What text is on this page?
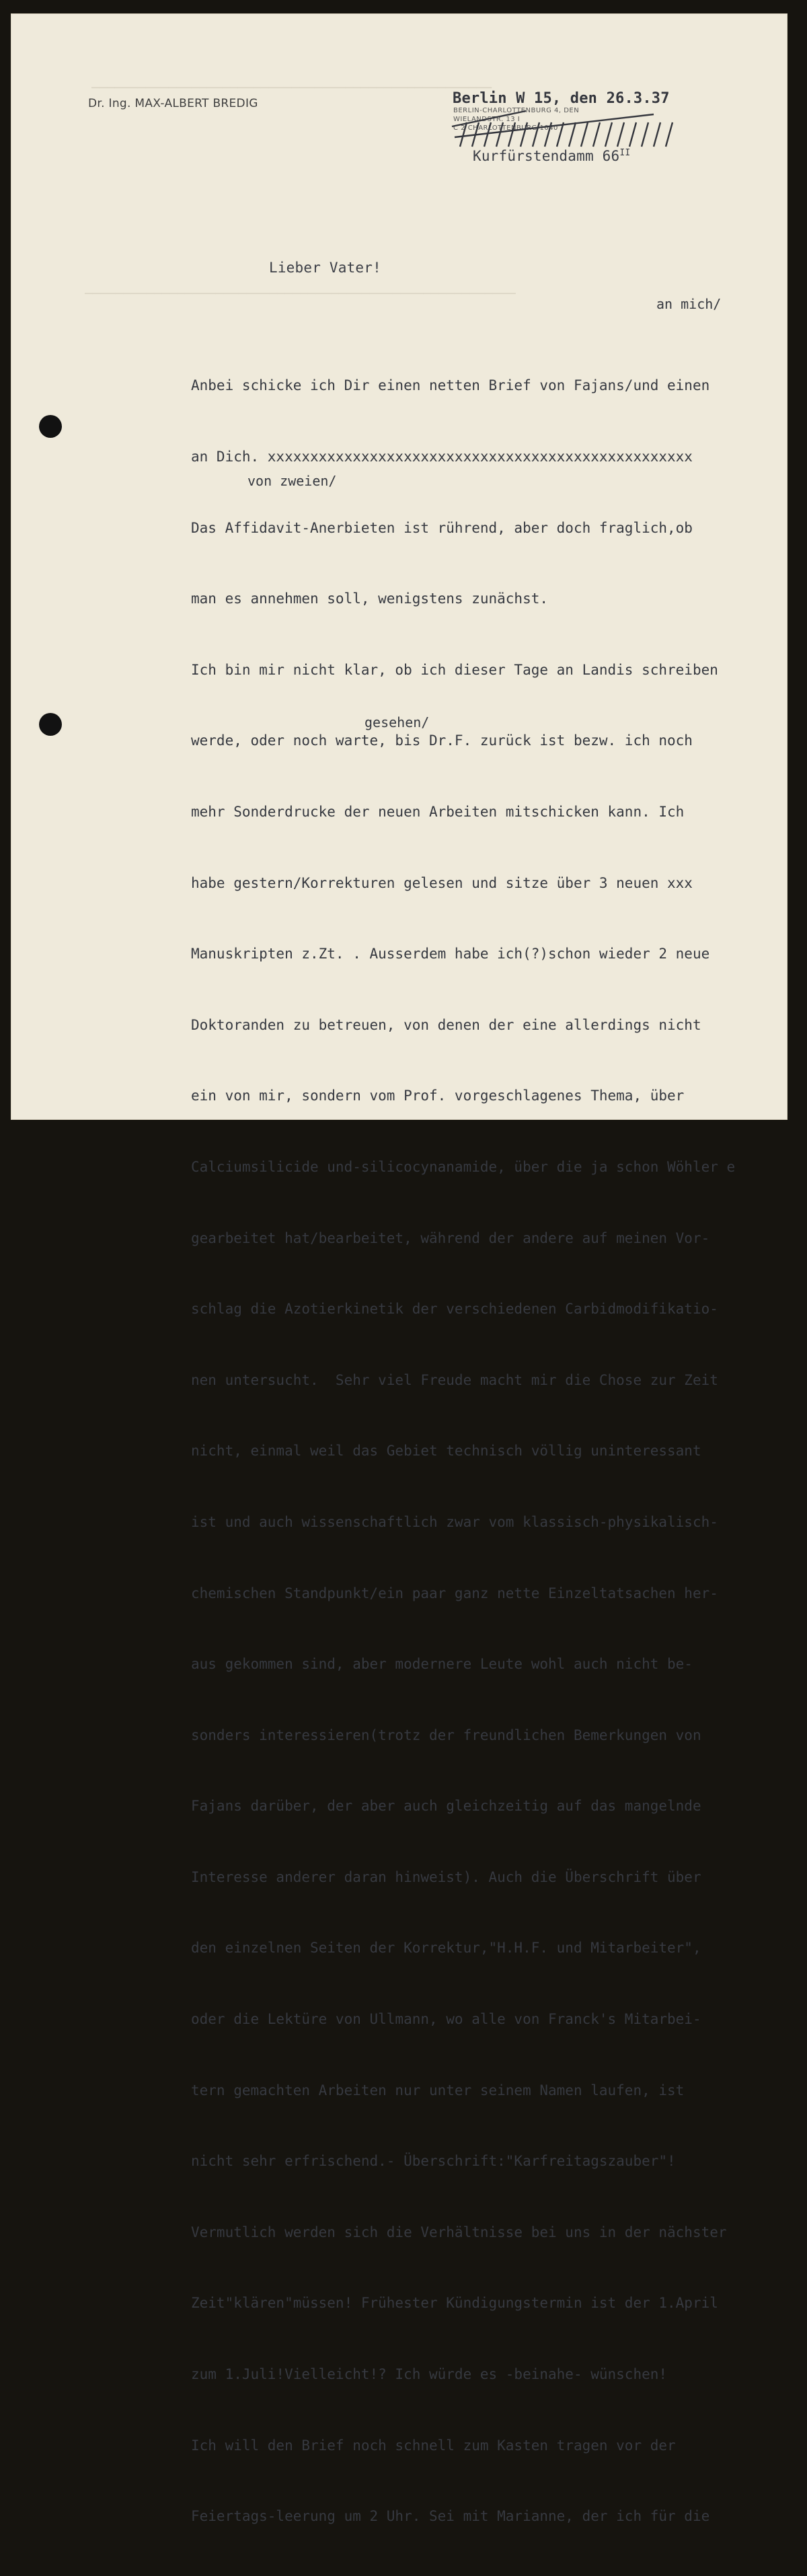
────────────────────────────────────────────────────
────────────────────────────────────────────────────────
Dr. Ing. MAX-ALBERT BREDIG	Berlin W 15, den 26.3.37
BERLIN-CHARLOTTENBURG 4, DEN
WIELANDSTR. 13 I
C 2 CHARLOTTENBURG 1040
Kurfürstendamm $66^{II}$
Lieber Vater!
an mich/
von zweien/
gesehen/

Anbei schicke ich Dir einen netten Brief von Fajans/und einen

an Dich. xxxxxxxxxxxxxxxxxxxxxxxxxxxxxxxxxxxxxxxxxxxxxxxxxx

Das Affidavit-Anerbieten ist rührend, aber doch fraglich,ob

man es annehmen soll, wenigstens zunächst.

Ich bin mir nicht klar, ob ich dieser Tage an Landis schreiben

werde, oder noch warte, bis Dr.F. zurück ist bezw. ich noch

mehr Sonderdrucke der neuen Arbeiten mitschicken kann. Ich

habe gestern/Korrekturen gelesen und sitze über 3 neuen xxx

Manuskripten z.Zt. . Ausserdem habe ich(?)schon wieder 2 neue

Doktoranden zu betreuen, von denen der eine allerdings nicht

ein von mir, sondern vom Prof. vorgeschlagenes Thema, über

Calciumsilicide und-silicocynanamide, über die ja schon Wöhler e

gearbeitet hat/bearbeitet, während der andere auf meinen Vor-

schlag die Azotierkinetik der verschiedenen Carbidmodifikatio-

nen untersucht.  Sehr viel Freude macht mir die Chose zur Zeit

nicht, einmal weil das Gebiet technisch völlig uninteressant

ist und auch wissenschaftlich zwar vom klassisch-physikalisch-

chemischen Standpunkt/ein paar ganz nette Einzeltatsachen her-

aus gekommen sind, aber modernere Leute wohl auch nicht be-

sonders interessieren(trotz der freundlichen Bemerkungen von

Fajans darüber, der aber auch gleichzeitig auf das mangelnde

Interesse anderer daran hinweist). Auch die Überschrift über

den einzelnen Seiten der Korrektur,"H.H.F. und Mitarbeiter",

oder die Lektüre von Ullmann, wo alle von Franck's Mitarbei-

tern gemachten Arbeiten nur unter seinem Namen laufen, ist

nicht sehr erfrischend.- Überschrift:"Karfreitagszauber"!

Vermutlich werden sich die Verhältnisse bei uns in der nächster

Zeit"klären"müssen! Frühester Kündigungstermin ist der 1.April

zum 1.Juli!Vielleicht!? Ich würde es -beinahe- wünschen!

Ich will den Brief noch schnell zum Kasten tragen vor der

Feiertags-leerung um 2 Uhr. Sei mit Marianne, der ich für die
